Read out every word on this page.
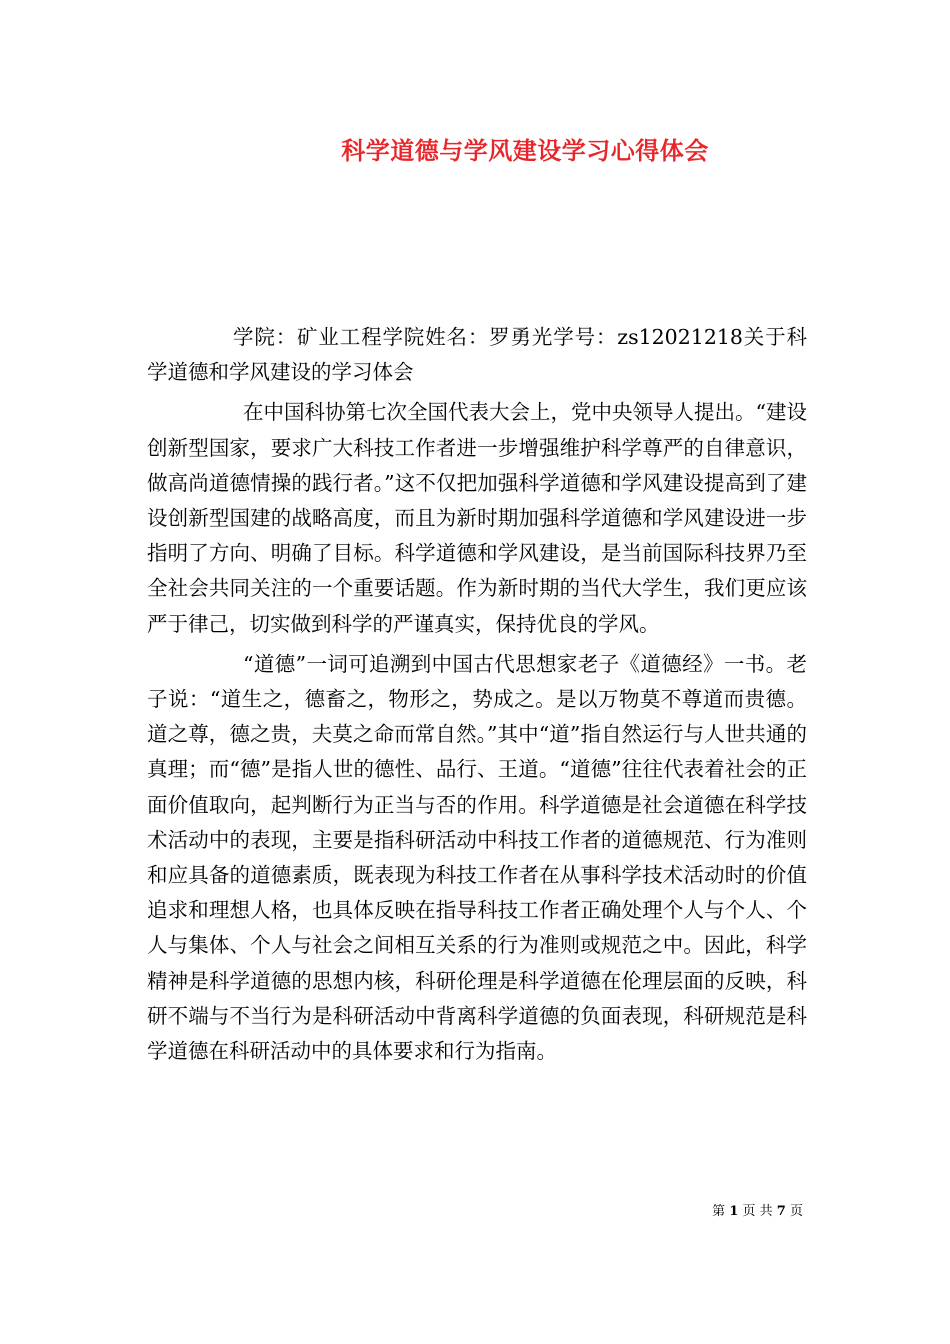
科学道德与学风建设学习心得体会

学院：矿业工程学院姓名：罗勇光学号：zs12021218关于科学道德和学风建设的学习体会

在中国科协第七次全国代表大会上，党中央领导人提出。“建设创新型国家，要求广大科技工作者进一步增强维护科学尊严的自律意识，做高尚道德情操的践行者。”这不仅把加强科学道德和学风建设提高到了建设创新型国建的战略高度，而且为新时期加强科学道德和学风建设进一步指明了方向、明确了目标。科学道德和学风建设，是当前国际科技界乃至全社会共同关注的一个重要话题。作为新时期的当代大学生，我们更应该严于律己，切实做到科学的严谨真实，保持优良的学风。

“道德”一词可追溯到中国古代思想家老子《道德经》一书。老子说：“道生之，德畜之，物形之，势成之。是以万物莫不尊道而贵德。道之尊，德之贵，夫莫之命而常自然。”其中“道”指自然运行与人世共通的真理；而“德”是指人世的德性、品行、王道。“道德”往往代表着社会的正面价值取向，起判断行为正当与否的作用。科学道德是社会道德在科学技术活动中的表现，主要是指科研活动中科技工作者的道德规范、行为准则和应具备的道德素质，既表现为科技工作者在从事科学技术活动时的价值追求和理想人格，也具体反映在指导科技工作者正确处理个人与个人、个人与集体、个人与社会之间相互关系的行为准则或规范之中。因此，科学精神是科学道德的思想内核，科研伦理是科学道德在伦理层面的反映，科研不端与不当行为是科研活动中背离科学道德的负面表现，科研规范是科学道德在科研活动中的具体要求和行为指南。

第 1 页 共 7 页
